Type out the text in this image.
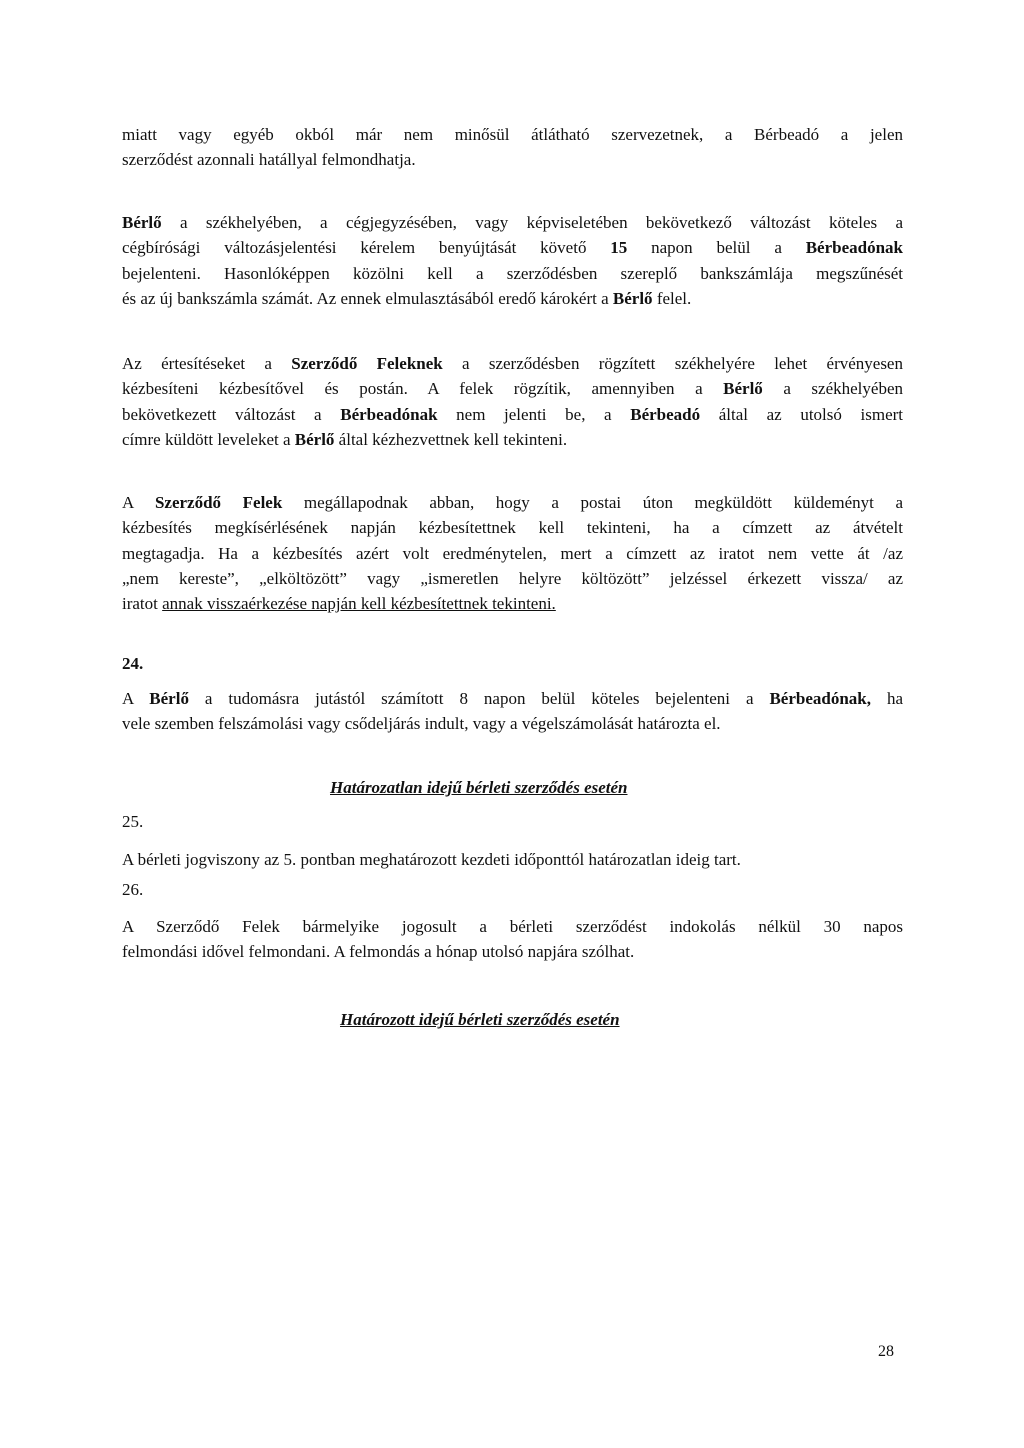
miatt vagy egyéb okból már nem minősül átlátható szervezetnek, a Bérbeadó a jelen
szerződést azonnali hatállyal felmondhatja.
Bérlő a székhelyében, a cégjegyzésében, vagy képviseletében bekövetkező változást köteles a
cégbírósági változásjelentési kérelem benyújtását követő 15 napon belül a Bérbeadónak
bejelenteni. Hasonlóképpen közölni kell a szerződésben szereplő bankszámlája megszűnését
és az új bankszámla számát. Az ennek elmulasztásából eredő károkért a Bérlő felel.
Az értesítéseket a Szerződő Feleknek a szerződésben rögzített székhelyére lehet érvényesen
kézbesíteni kézbesítővel és postán. A felek rögzítik, amennyiben a Bérlő a székhelyében
bekövetkezett változást a Bérbeadónak nem jelenti be, a Bérbeadó által az utolsó ismert
címre küldött leveleket a Bérlő által kézhezvettnek kell tekinteni.
A Szerződő Felek megállapodnak abban, hogy a postai úton megküldött küldeményt a
kézbesítés megkísérlésének napján kézbesítettnek kell tekinteni, ha a címzett az átvételt
megtagadja. Ha a kézbesítés azért volt eredménytelen, mert a címzett az iratot nem vette át /az
„nem kereste”, „elköltözött” vagy „ismeretlen helyre költözött” jelzéssel érkezett vissza/ az
iratot annak visszaérkezése napján kell kézbesítettnek tekinteni.

24.

A Bérlő a tudomásra jutástól számított 8 napon belül köteles bejelenteni a Bérbeadónak, ha
vele szemben felszámolási vagy csődeljárás indult, vagy a végelszámolását határozta el.

Határozatlan idejű bérleti szerződés esetén

25.

A bérleti jogviszony az 5. pontban meghatározott kezdeti időponttól határozatlan ideig tart.

26.

A Szerződő Felek bármelyike jogosult a bérleti szerződést indokolás nélkül 30 napos
felmondási idővel felmondani. A felmondás a hónap utolsó napjára szólhat.

Határozott idejű bérleti szerződés esetén

28
